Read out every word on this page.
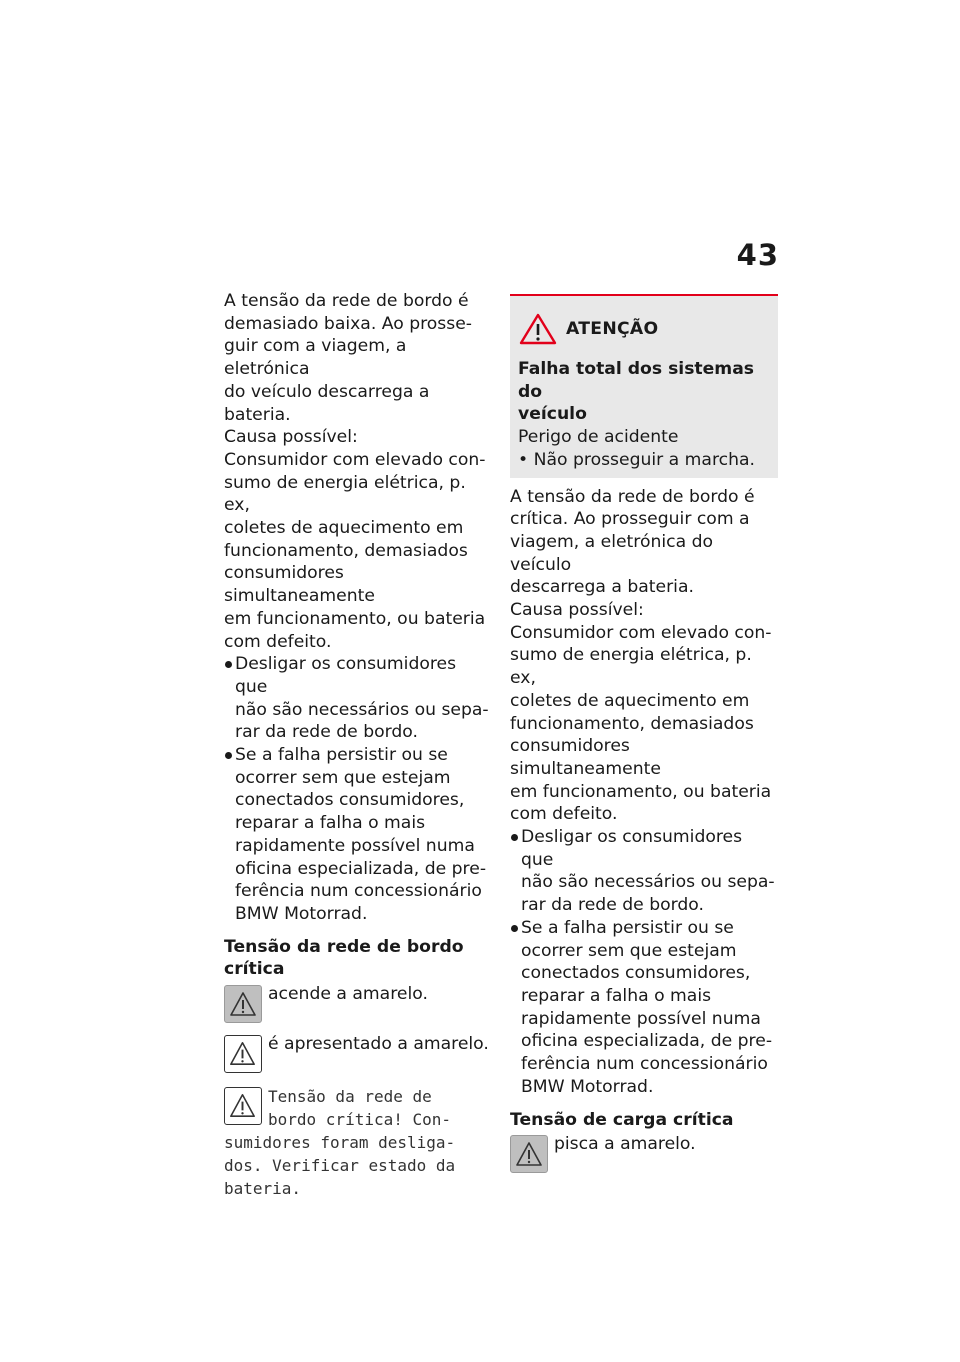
43
A tensão da rede de bordo é
demasiado baixa. Ao prosse-
guir com a viagem, a eletrónica
do veículo descarrega a bateria.
Causa possível:
Consumidor com elevado con-
sumo de energia elétrica, p. ex,
coletes de aquecimento em
funcionamento, demasiados
consumidores simultaneamente
em funcionamento, ou bateria
com defeito.
Desligar os consumidores que
não são necessários ou sepa-
rar da rede de bordo.
Se a falha persistir ou se
ocorrer sem que estejam
conectados consumidores,
reparar a falha o mais
rapidamente possível numa
oficina especializada, de pre-
ferência num concessionário
BMW Motorrad.
Tensão da rede de bordo
crítica
acende a amarelo.
é apresentado a amarelo.
Tensão da rede de
bordo crítica! Con-
sumidores foram desliga-
dos. Verificar estado da
bateria.
ATENÇÃO
Falha total dos sistemas do
veículo
Perigo de acidente
• Não prosseguir a marcha.
A tensão da rede de bordo é
crítica. Ao prosseguir com a
viagem, a eletrónica do veículo
descarrega a bateria.
Causa possível:
Consumidor com elevado con-
sumo de energia elétrica, p. ex,
coletes de aquecimento em
funcionamento, demasiados
consumidores simultaneamente
em funcionamento, ou bateria
com defeito.
Desligar os consumidores que
não são necessários ou sepa-
rar da rede de bordo.
Se a falha persistir ou se
ocorrer sem que estejam
conectados consumidores,
reparar a falha o mais
rapidamente possível numa
oficina especializada, de pre-
ferência num concessionário
BMW Motorrad.
Tensão de carga crítica
pisca a amarelo.
